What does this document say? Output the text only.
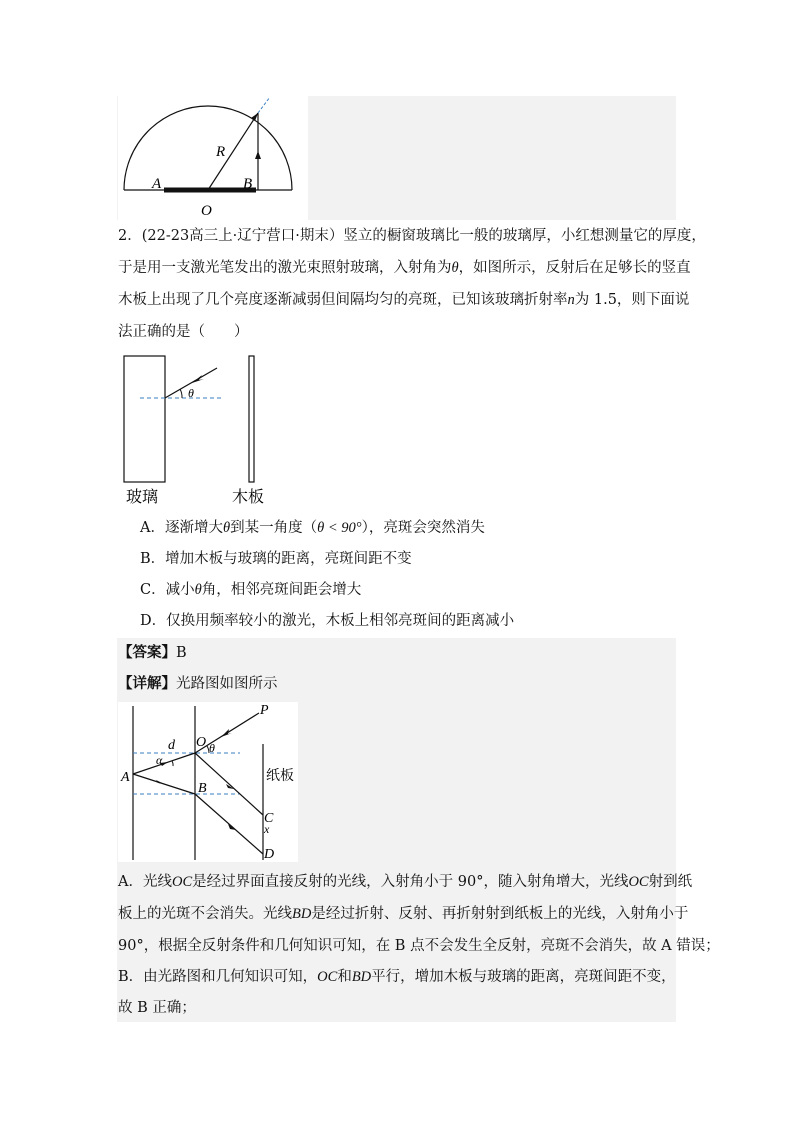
R
A	B
O
2．(22-23高三上·辽宁营口·期末）竖立的橱窗玻璃比一般的玻璃厚，小红想测量它的厚度，
于是用一支激光笔发出的激光束照射玻璃，入射角为θ，如图所示，反射后在足够长的竖直
木板上出现了几个亮度逐渐减弱但间隔均匀的亮斑，已知该玻璃折射率n为 1.5，则下面说
法正确的是（　　）
θ
玻璃	木板
A．逐渐增大θ到某一角度（θ < 90°），亮斑会突然消失
B．增加木板与玻璃的距离，亮斑间距不变
C．减小θ角，相邻亮斑间距会增大
D．仅换用频率较小的激光，木板上相邻亮斑间的距离减小
【答案】B
【详解】光路图如图所示
P
O θ
d
α
A
B
纸板
C
x
D
A．光线OC是经过界面直接反射的光线，入射角小于 90°，随入射角增大，光线OC射到纸
板上的光斑不会消失。光线BD是经过折射、反射、再折射射到纸板上的光线，入射角小于
90°，根据全反射条件和几何知识可知，在 B 点不会发生全反射，亮斑不会消失，故 A 错误；
B．由光路图和几何知识可知，OC和BD平行，增加木板与玻璃的距离，亮斑间距不变，
故 B 正确；
